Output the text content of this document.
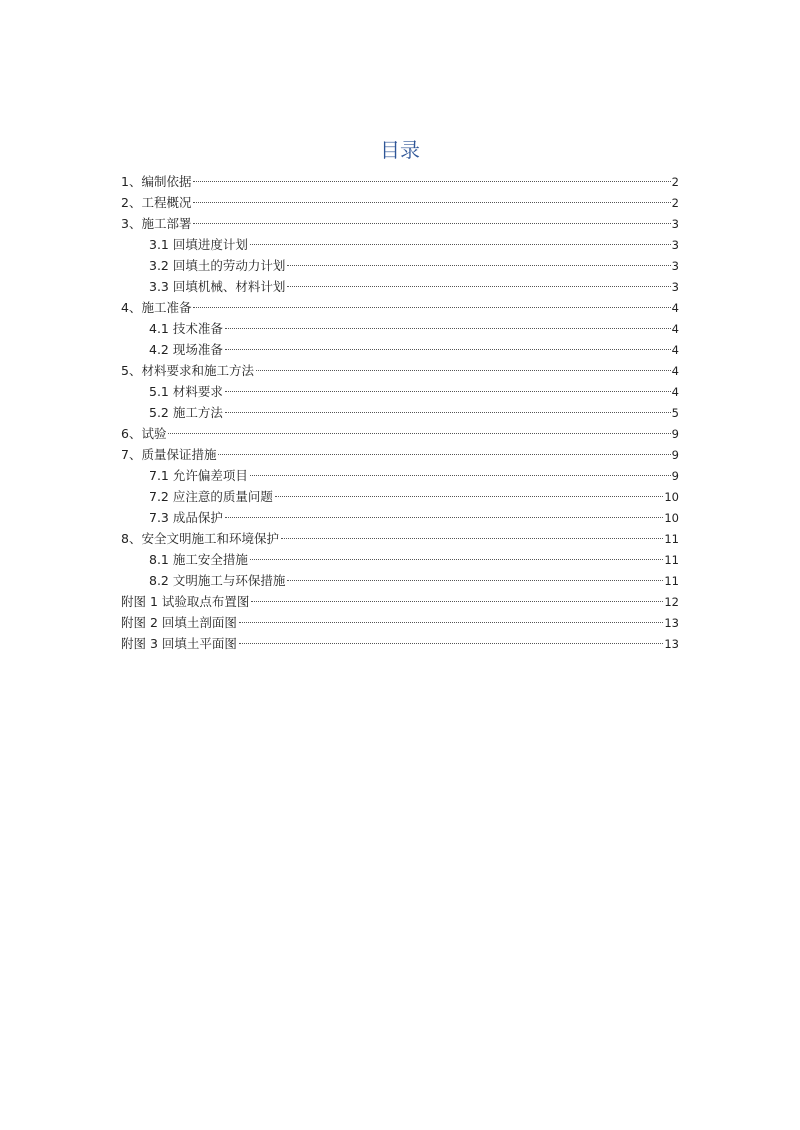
目录
1、编制依据	2
2、工程概况	2
3、施工部署	3
3.1 回填进度计划	3
3.2 回填土的劳动力计划	3
3.3 回填机械、材料计划	3
4、施工准备	4
4.1 技术准备	4
4.2 现场准备	4
5、材料要求和施工方法	4
5.1 材料要求	4
5.2 施工方法	5
6、试验	9
7、质量保证措施	9
7.1 允许偏差项目	9
7.2 应注意的质量问题	10
7.3 成品保护	10
8、安全文明施工和环境保护	11
8.1 施工安全措施	11
8.2 文明施工与环保措施	11
附图 1 试验取点布置图	12
附图 2 回填土剖面图	13
附图 3 回填土平面图	13
